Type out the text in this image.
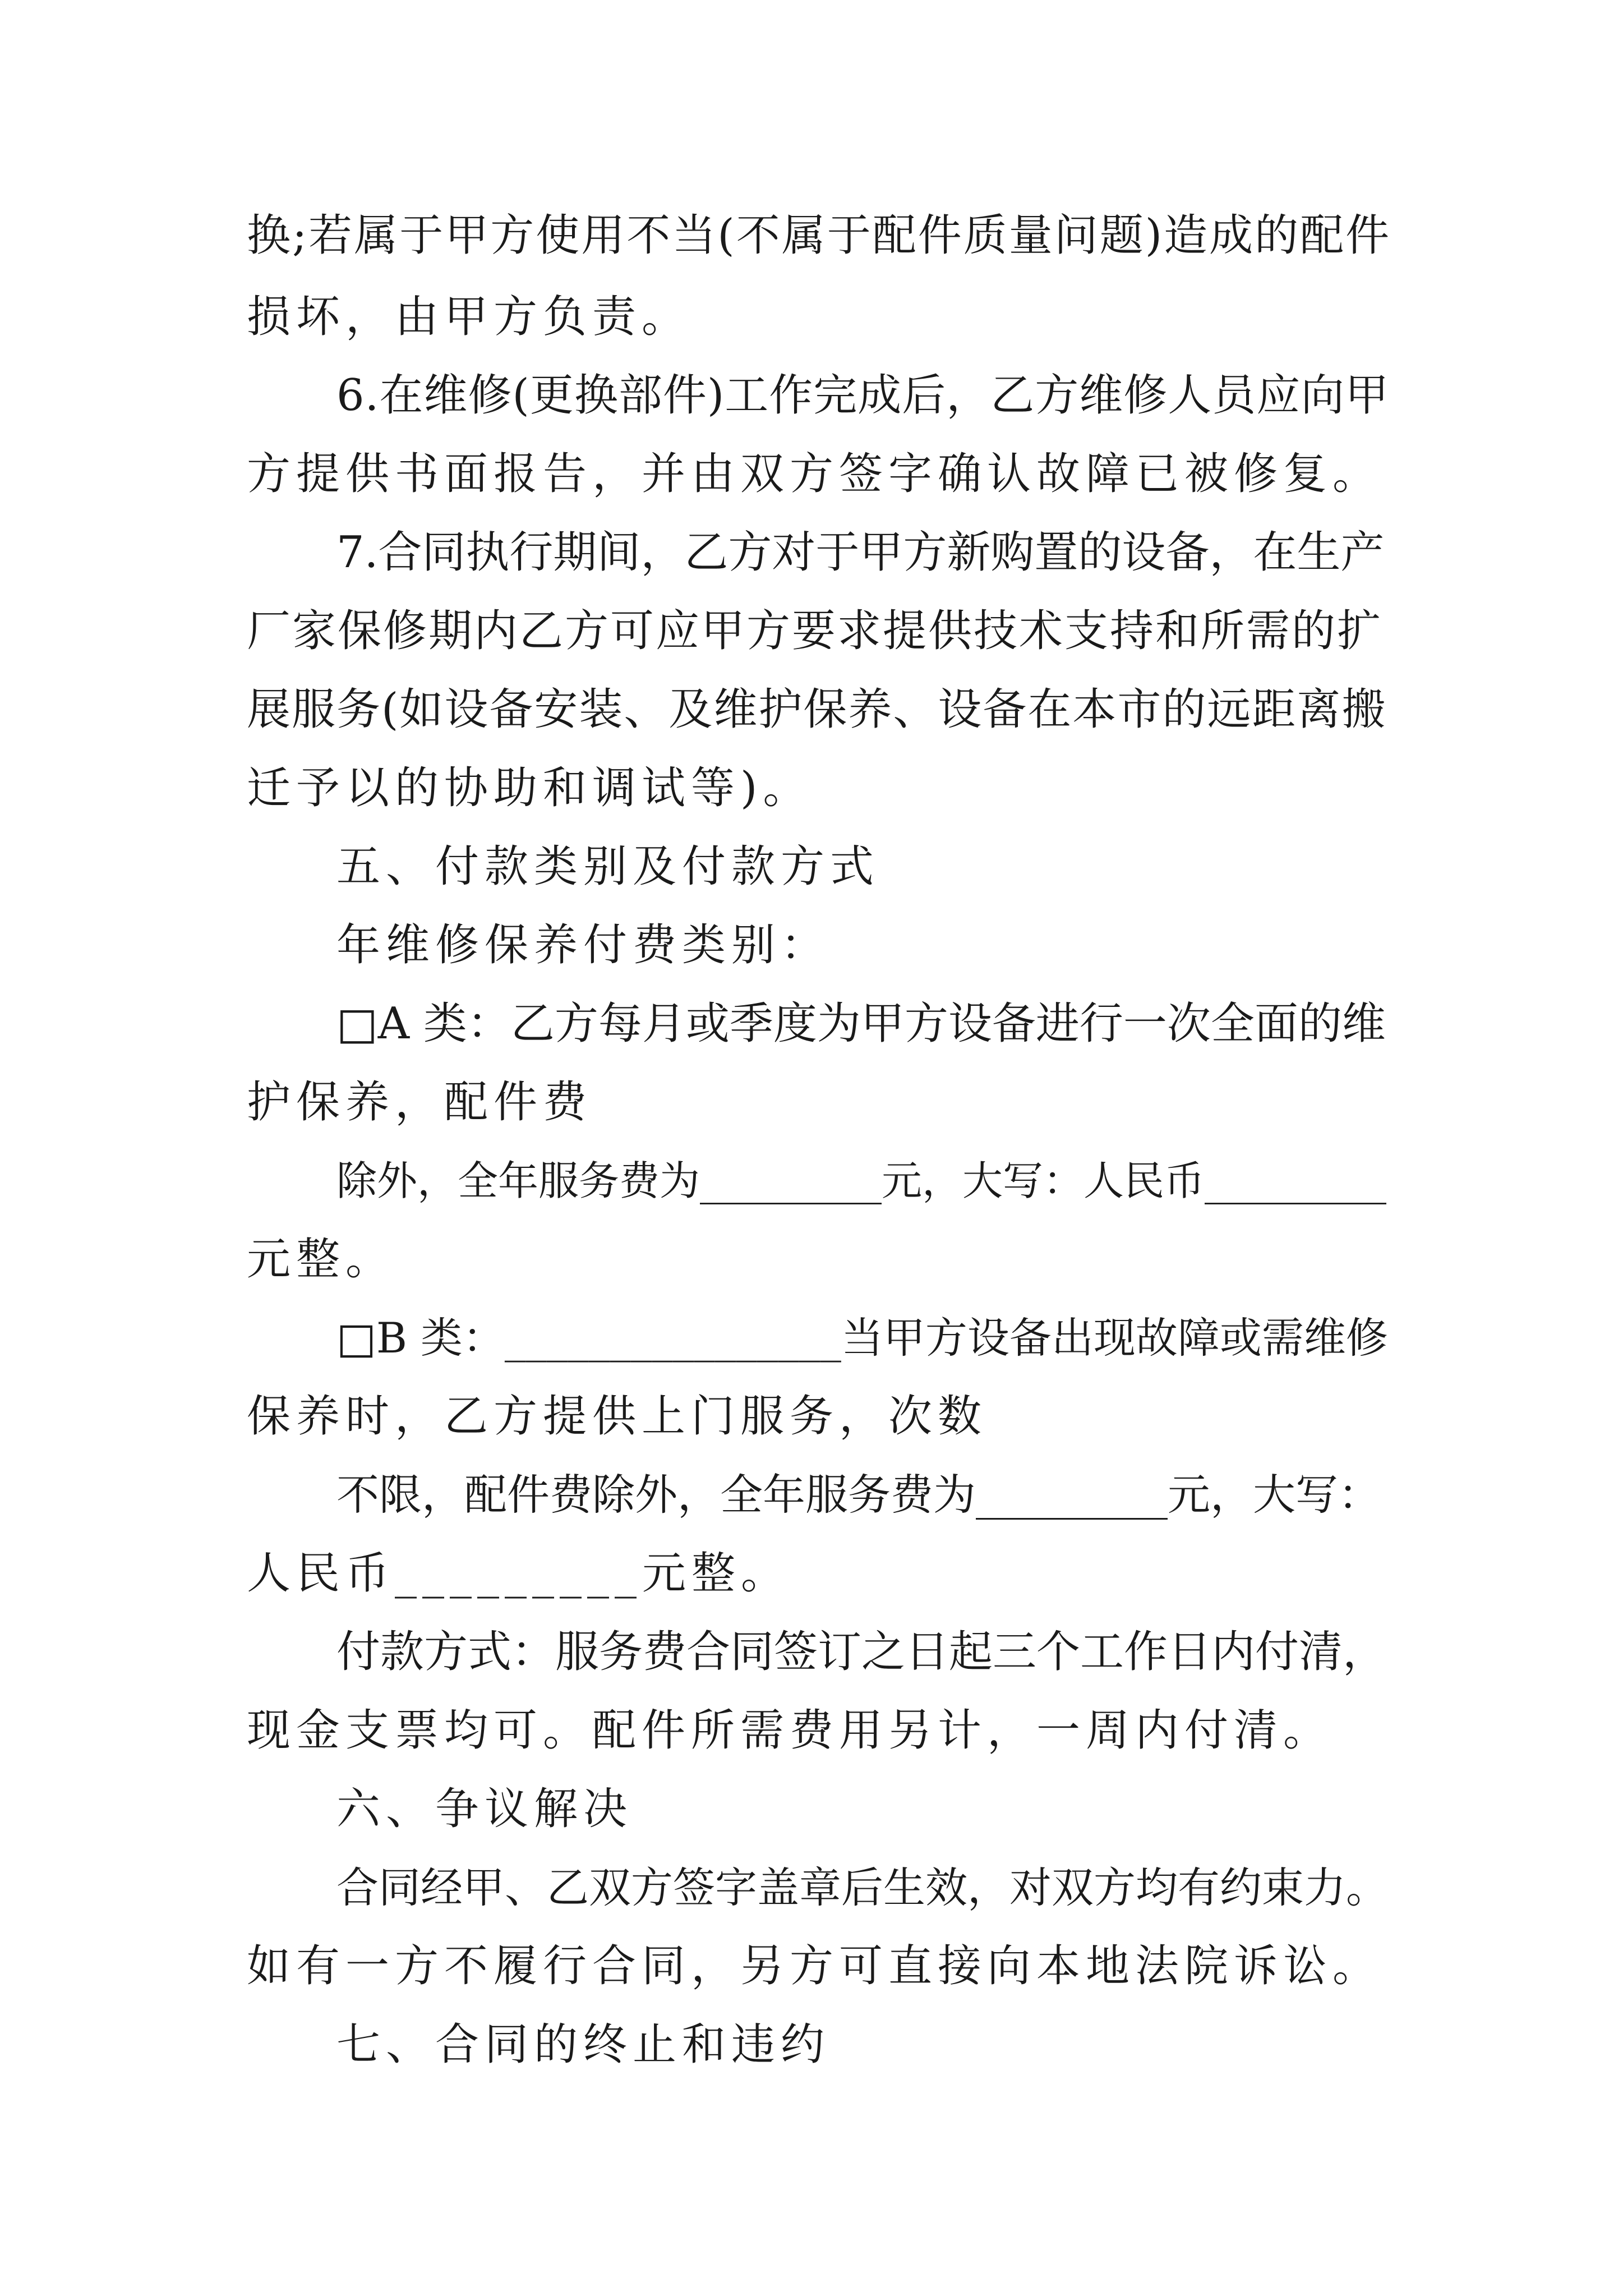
换;若属于甲方使用不当(不属于配件质量问题)造成的配件
损坏，由甲方负责。
6.在维修(更换部件)工作完成后，乙方维修人员应向甲
方提供书面报告，并由双方签字确认故障已被修复。
7.合同执行期间，乙方对于甲方新购置的设备，在生产
厂家保修期内乙方可应甲方要求提供技术支持和所需的扩
展服务(如设备安装、及维护保养、设备在本市的远距离搬
迁予以的协助和调试等)。
五、付款类别及付款方式
年维修保养付费类别：
□A 类：乙方每月或季度为甲方设备进行一次全面的维
护保养，配件费
除外，全年服务费为_________元，大写：人民币_________
元整。
□B 类：________________当甲方设备出现故障或需维修
保养时，乙方提供上门服务，次数
不限，配件费除外，全年服务费为_________元，大写：
人民币_________元整。
付款方式：服务费合同签订之日起三个工作日内付清，
现金支票均可。配件所需费用另计，一周内付清。
六、争议解决
合同经甲、乙双方签字盖章后生效，对双方均有约束力。
如有一方不履行合同，另方可直接向本地法院诉讼。
七、合同的终止和违约
